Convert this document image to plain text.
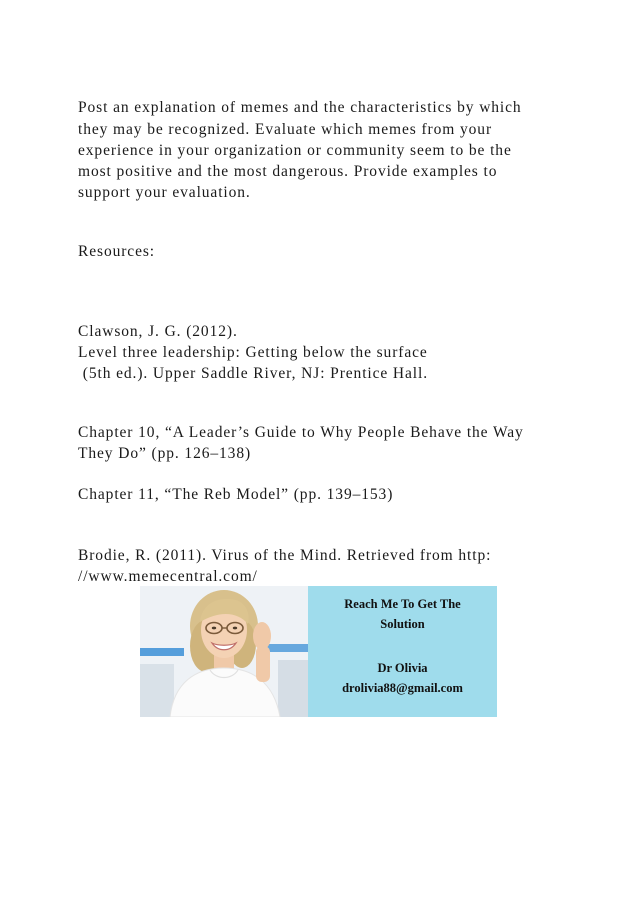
Post an explanation of memes and the characteristics by which
they may be recognized. Evaluate which memes from your
experience in your organization or community seem to be the
most positive and the most dangerous. Provide examples to
support your evaluation.
Resources:
Clawson, J. G. (2012).
Level three leadership: Getting below the surface
(5th ed.). Upper Saddle River, NJ: Prentice Hall.
Chapter 10, “A Leader’s Guide to Why People Behave the Way
They Do” (pp. 126–138)
Chapter 11, “The Reb Model” (pp. 139–153)
Brodie, R. (2011). Virus of the Mind. Retrieved from http:
//www.memecentral.com/
Reach Me To Get The
Solution
Dr Olivia
drolivia88@gmail.com
